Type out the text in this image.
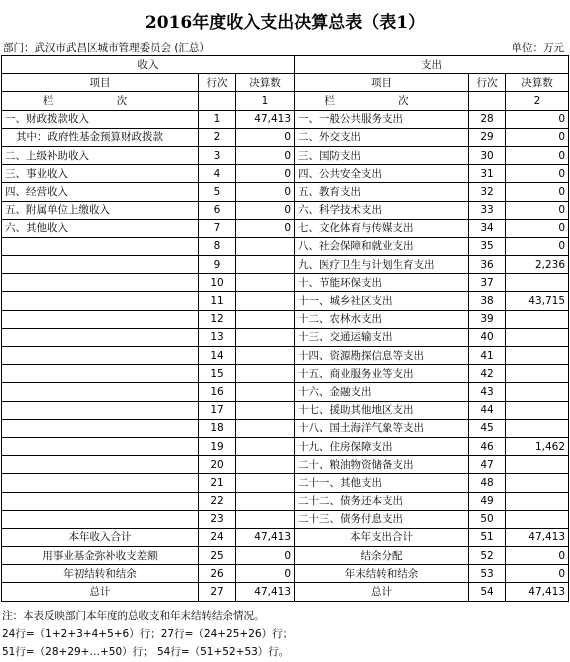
2016年度收入支出决算总表（表1）
部门：武汉市武昌区城市管理委员会 (汇总）	单位：万元
收入			支出		
项目	行次	决算数	项目	行次	决算数
栏 次		1	栏 次		2
一、财政拨款收入	1	47,413	一、一般公共服务支出	28	0
其中：政府性基金预算财政拨款	2	0	二、外交支出	29	0
二、上级补助收入	3	0	三、国防支出	30	0
三、事业收入	4	0	四、公共安全支出	31	0
四、经营收入	5	0	五、教育支出	32	0
五、附属单位上缴收入	6	0	六、科学技术支出	33	0
六、其他收入	7	0	七、文化体育与传媒支出	34	0
	8		八、社会保障和就业支出	35	0
	9		九、医疗卫生与计划生育支出	36	2,236
	10		十、节能环保支出	37	
	11		十一、城乡社区支出	38	43,715
	12		十二、农林水支出	39	
	13		十三、交通运输支出	40	
	14		十四、资源勘探信息等支出	41	
	15		十五、商业服务业等支出	42	
	16		十六、金融支出	43	
	17		十七、援助其他地区支出	44	
	18		十八、国土海洋气象等支出	45	
	19		十九、住房保障支出	46	1,462
	20		二十、粮油物资储备支出	47	
	21		二十一、其他支出	48	
	22		二十二、债务还本支出	49	
	23		二十三、债务付息支出	50	
本年收入合计	24	47,413	本年支出合计	51	47,413
用事业基金弥补收支差额	25	0	结余分配	52	0
年初结转和结余	26	0	年末结转和结余	53	0
总计	27	47,413	总计	54	47,413
注：本表反映部门本年度的总收支和年末结转结余情况。
24行=（1+2+3+4+5+6）行；27行=（24+25+26）行；
51行=（28+29+…+50）行； 54行=（51+52+53）行。
